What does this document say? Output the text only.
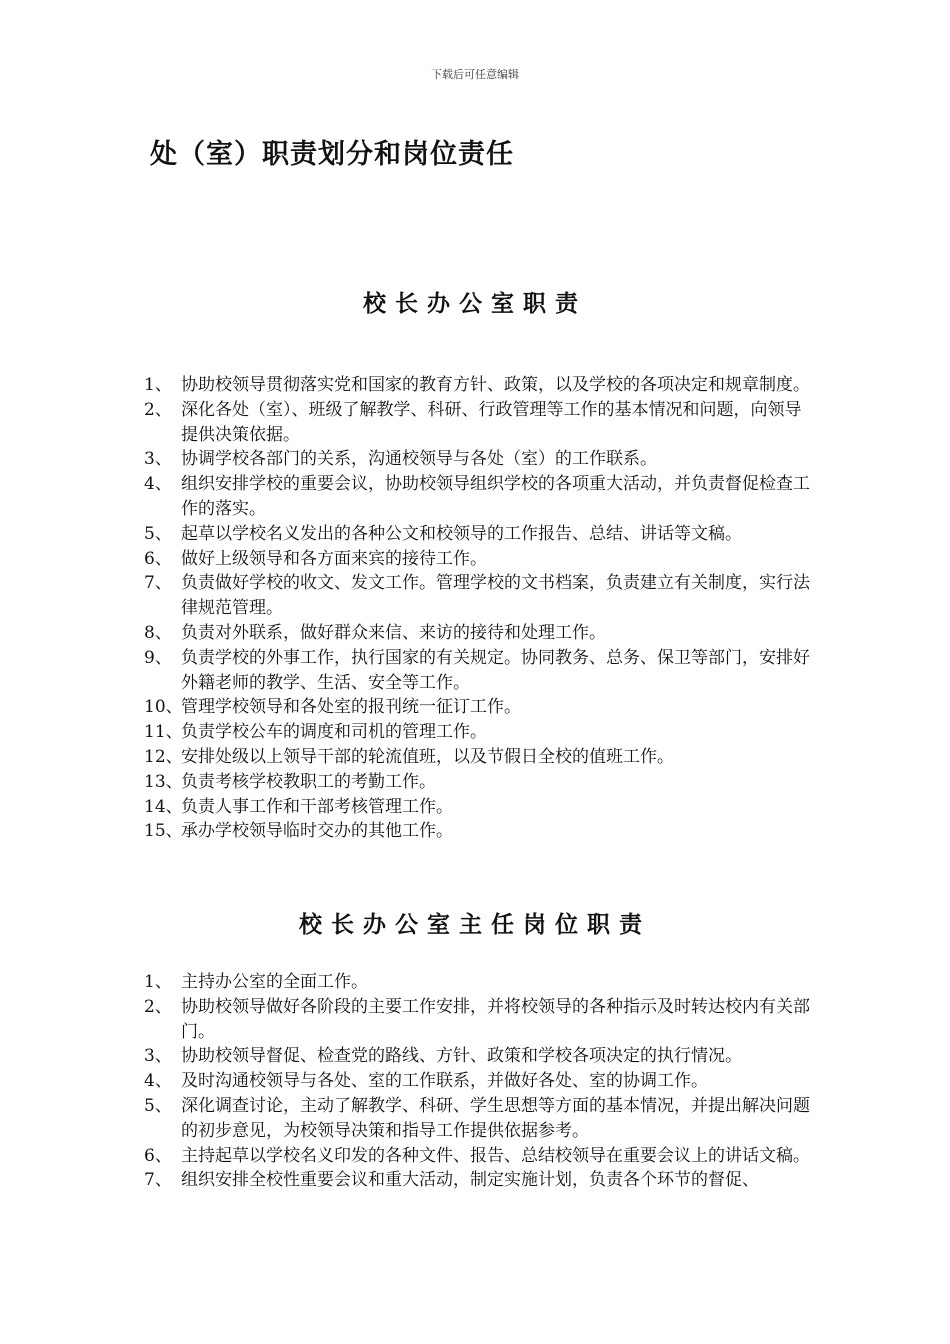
下载后可任意编辑
处（室）职责划分和岗位责任
校长办公室职责
1、 协助校领导贯彻落实党和国家的教育方针、政策，以及学校的各项决定和规章制度。
2、 深化各处（室）、班级了解教学、科研、行政管理等工作的基本情况和问题，向领导提供决策依据。
3、 协调学校各部门的关系，沟通校领导与各处（室）的工作联系。
4、 组织安排学校的重要会议，协助校领导组织学校的各项重大活动，并负责督促检查工作的落实。
5、 起草以学校名义发出的各种公文和校领导的工作报告、总结、讲话等文稿。
6、 做好上级领导和各方面来宾的接待工作。
7、 负责做好学校的收文、发文工作。管理学校的文书档案，负责建立有关制度，实行法律规范管理。
8、 负责对外联系，做好群众来信、来访的接待和处理工作。
9、 负责学校的外事工作，执行国家的有关规定。协同教务、总务、保卫等部门，安排好外籍老师的教学、生活、安全等工作。
10、
管理学校领导和各处室的报刊统一征订工作。
11、
负责学校公车的调度和司机的管理工作。
12、
安排处级以上领导干部的轮流值班，以及节假日全校的值班工作。
13、
负责考核学校教职工的考勤工作。
14、
负责人事工作和干部考核管理工作。
15、
承办学校领导临时交办的其他工作。
校长办公室主任岗位职责
1、 主持办公室的全面工作。
2、 协助校领导做好各阶段的主要工作安排，并将校领导的各种指示及时转达校内有关部门。
3、 协助校领导督促、检查党的路线、方针、政策和学校各项决定的执行情况。
4、 及时沟通校领导与各处、室的工作联系，并做好各处、室的协调工作。
5、 深化调查讨论，主动了解教学、科研、学生思想等方面的基本情况，并提出解决问题的初步意见，为校领导决策和指导工作提供依据参考。
6、 主持起草以学校名义印发的各种文件、报告、总结校领导在重要会议上的讲话文稿。
7、 组织安排全校性重要会议和重大活动，制定实施计划，负责各个环节的督促、
